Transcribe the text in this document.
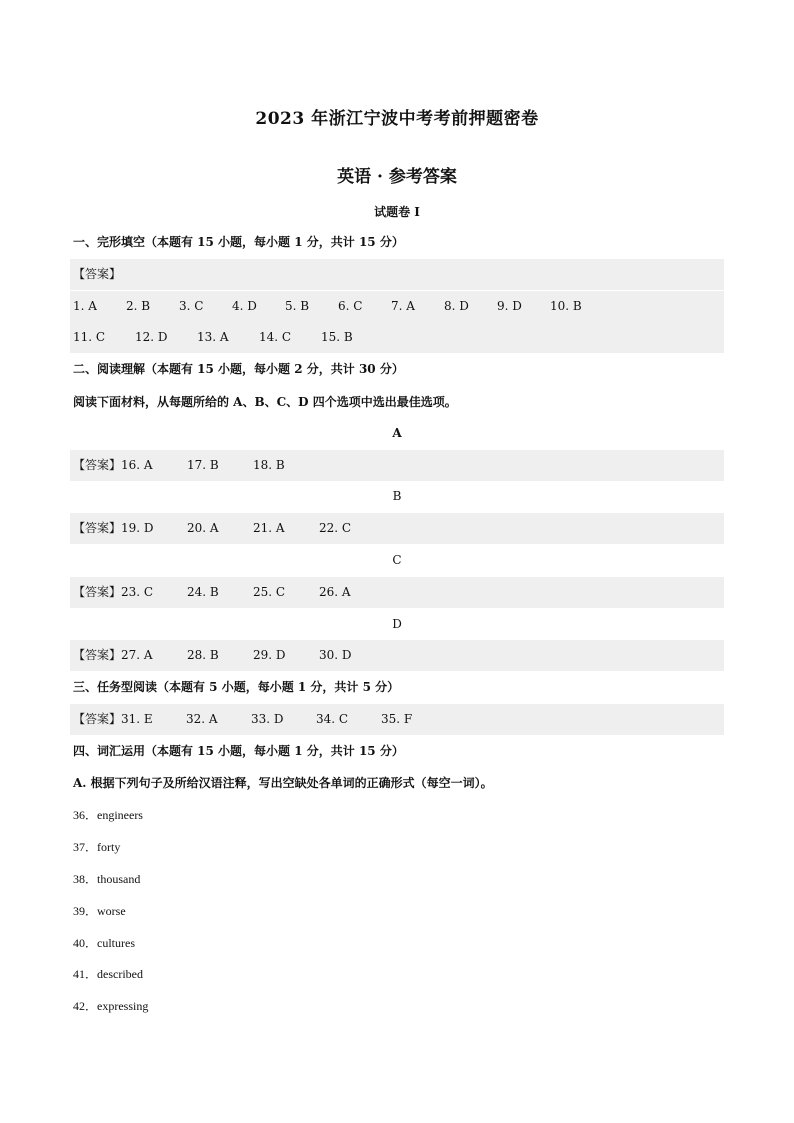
2023 年浙江宁波中考考前押题密卷
英语 · 参考答案
试题卷 I
一、完形填空（本题有 15 小题，每小题 1 分，共计 15 分）
【答案】
1. A 2. B 3. C 4. D 5. B 6. C 7. A 8. D 9. D 10. B
11. C 12. D 13. A	14. C 15. B
二、阅读理解（本题有 15 小题，每小题 2 分，共计 30 分）
阅读下面材料，从每题所给的 A、B、C、D 四个选项中选出最佳选项。
A
【答案】16. A	17. B	18. B
B
【答案】19. D	20. A	21. A	22. C
C
【答案】23. C	24. B	25. C	26. A
D
【答案】27. A	28. B	29. D	30. D
三、任务型阅读（本题有 5 小题，每小题 1 分，共计 5 分）
【答案】31. E	32. A	33. D	34. C	35. F
四、词汇运用（本题有 15 小题，每小题 1 分，共计 15 分）
A. 根据下列句子及所给汉语注释，写出空缺处各单词的正确形式（每空一词）。
36．engineers
37．forty
38．thousand
39．worse
40．cultures
41．described
42．expressing
